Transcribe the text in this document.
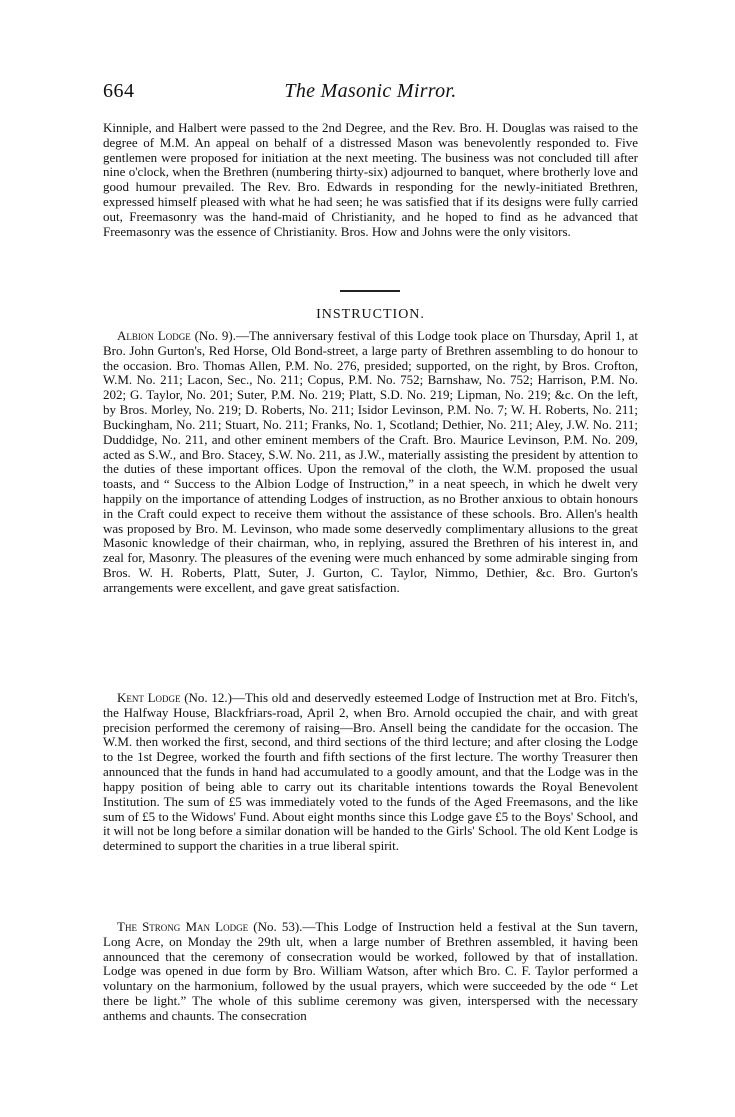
664	The Masonic Mirror.

Kinniple, and Halbert were passed to the 2nd Degree, and the Rev. Bro. H. Douglas was raised to the degree of M.M. An appeal on behalf of a distressed Mason was benevolently responded to. Five gentlemen were proposed for initiation at the next meeting. The business was not concluded till after nine o'clock, when the Brethren (numbering thirty-six) adjourned to banquet, where brotherly love and good humour prevailed. The Rev. Bro. Edwards in responding for the newly-initiated Brethren, expressed himself pleased with what he had seen; he was satisfied that if its designs were fully carried out, Freemasonry was the hand-maid of Christianity, and he hoped to find as he advanced that Freemasonry was the essence of Christianity. Bros. How and Johns were the only visitors.

INSTRUCTION.

Albion Lodge (No. 9).—The anniversary festival of this Lodge took place on Thursday, April 1, at Bro. John Gurton's, Red Horse, Old Bond-street, a large party of Brethren assembling to do honour to the occasion. Bro. Thomas Allen, P.M. No. 276, presided; supported, on the right, by Bros. Crofton, W.M. No. 211; Lacon, Sec., No. 211; Copus, P.M. No. 752; Barnshaw, No. 752; Harrison, P.M. No. 202; G. Taylor, No. 201; Suter, P.M. No. 219; Platt, S.D. No. 219; Lipman, No. 219; &c. On the left, by Bros. Morley, No. 219; D. Roberts, No. 211; Isidor Levinson, P.M. No. 7; W. H. Roberts, No. 211; Buckingham, No. 211; Stuart, No. 211; Franks, No. 1, Scotland; Dethier, No. 211; Aley, J.W. No. 211; Duddidge, No. 211, and other eminent members of the Craft. Bro. Maurice Levinson, P.M. No. 209, acted as S.W., and Bro. Stacey, S.W. No. 211, as J.W., materially assisting the president by attention to the duties of these important offices. Upon the removal of the cloth, the W.M. proposed the usual toasts, and “ Success to the Albion Lodge of Instruction,” in a neat speech, in which he dwelt very happily on the importance of attending Lodges of instruction, as no Brother anxious to obtain honours in the Craft could expect to receive them without the assistance of these schools. Bro. Allen's health was proposed by Bro. M. Levinson, who made some deservedly complimentary allusions to the great Masonic knowledge of their chairman, who, in replying, assured the Brethren of his interest in, and zeal for, Masonry. The pleasures of the evening were much enhanced by some admirable singing from Bros. W. H. Roberts, Platt, Suter, J. Gurton, C. Taylor, Nimmo, Dethier, &c. Bro. Gurton's arrangements were excellent, and gave great satisfaction.

Kent Lodge (No. 12.)—This old and deservedly esteemed Lodge of Instruction met at Bro. Fitch's, the Halfway House, Blackfriars-road, April 2, when Bro. Arnold occupied the chair, and with great precision performed the ceremony of raising—Bro. Ansell being the candidate for the occasion. The W.M. then worked the first, second, and third sections of the third lecture; and after closing the Lodge to the 1st Degree, worked the fourth and fifth sections of the first lecture. The worthy Treasurer then announced that the funds in hand had accumulated to a goodly amount, and that the Lodge was in the happy position of being able to carry out its charitable intentions towards the Royal Benevolent Institution. The sum of £5 was immediately voted to the funds of the Aged Freemasons, and the like sum of £5 to the Widows' Fund. About eight months since this Lodge gave £5 to the Boys' School, and it will not be long before a similar donation will be handed to the Girls' School. The old Kent Lodge is determined to support the charities in a true liberal spirit.

The Strong Man Lodge (No. 53).—This Lodge of Instruction held a festival at the Sun tavern, Long Acre, on Monday the 29th ult, when a large number of Brethren assembled, it having been announced that the ceremony of consecration would be worked, followed by that of installation. Lodge was opened in due form by Bro. William Watson, after which Bro. C. F. Taylor performed a voluntary on the harmonium, followed by the usual prayers, which were succeeded by the ode “ Let there be light.” The whole of this sublime ceremony was given, interspersed with the necessary anthems and chaunts. The consecration
